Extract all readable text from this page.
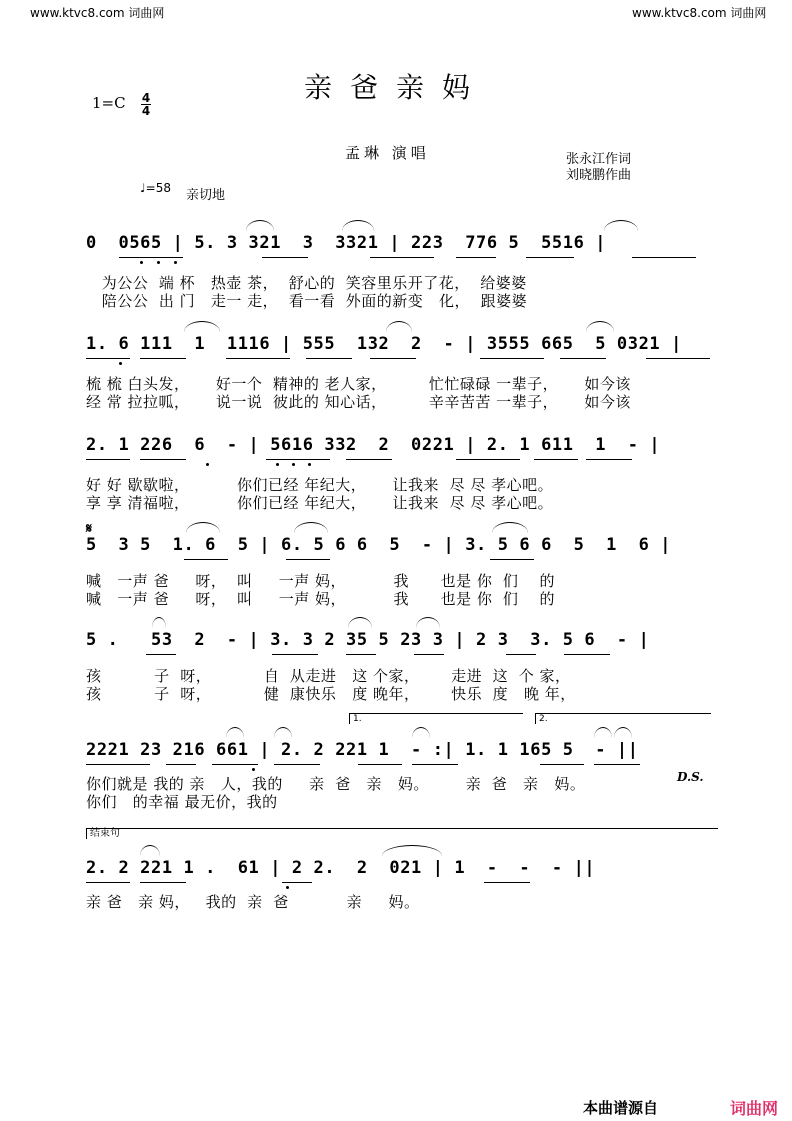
www.ktvc8.com 词曲网	www.ktvc8.com 词曲网
亲爸亲妈
1=C 4
4
孟琳 演唱	张永江作词
刘晓鹏作曲
♩=58 亲切地
0  0565 | 5. 3 321  3  3321 | 223  776 5  5516 |
为公公  端 杯   热壶 茶，  舒心的  笑容里乐开了花，  给婆婆
陪公公  出 门   走一 走，  看一看  外面的新变   化，  跟婆婆
1. 6 111  1  1116 | 555  132  2  - | 3555 665  5 0321 |
梳 梳 白头发，     好一个  精神的 老人家，        忙忙碌碌 一辈子，     如今该
经 常 拉拉呱，     说一说  彼此的 知心话，        辛辛苦苦 一辈子，     如今该
2. 1 226  6  - | 5616 332  2  0221 | 2. 1 611  1  - |
好 好 歇歇啦，         你们已经 年纪大，     让我来  尽 尽 孝心吧。
享 享 清福啦，         你们已经 年纪大，     让我来  尽 尽 孝心吧。
𝄋
5  3 5  1. 6  5 | 6. 5 6 6  5  - | 3. 5 6 6  5  1  6 |
喊   一声 爸     呀，  叫     一声 妈，         我      也是 你  们    的
喊   一声 爸     呀，  叫     一声 妈，         我      也是 你  们    的
5 .   53  2  - | 3. 3 2 35 5 23 3 | 2 3  3. 5 6  - |
孩          子  呀，          自  从走进   这 个家，      走进  这  个 家，
孩          子  呀，          健  康快乐   度 晚年，      快乐  度   晚 年，
1.	2.
2221 23 216 661 | 2. 2 221 1  - :| 1. 1 165 5  - ||
你们就是 我的 亲   人，我的     亲  爸   亲   妈。       亲  爸   亲   妈。
你们   的幸福 最无价，我的
D.S.
结束句
2. 2 221 1 .  61 | 2 2.  2  021 | 1  -  -  - ||
亲 爸   亲 妈，   我的  亲  爸           亲     妈。
本曲谱源自	词曲网
